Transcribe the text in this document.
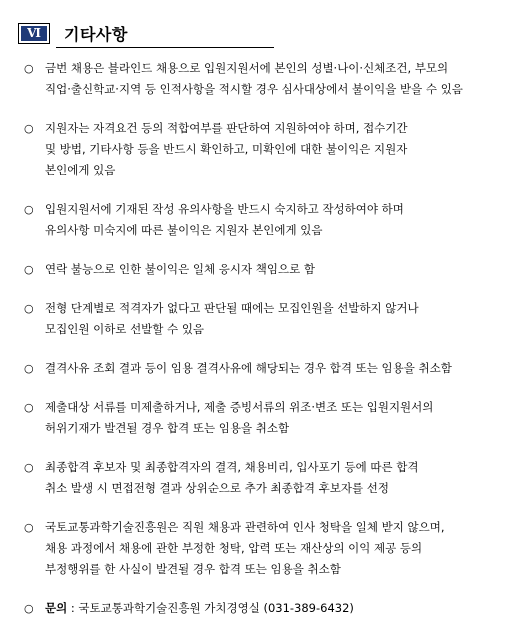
Ⅵ	기타사항
○ 금번 채용은 블라인드 채용으로 입원지원서에 본인의 성별·나이·신체조건, 부모의
직업·출신학교·지역 등 인적사항을 적시할 경우 심사대상에서 불이익을 받을 수 있음
○ 지원자는 자격요건 등의 적합여부를 판단하여 지원하여야 하며, 접수기간
및 방법, 기타사항 등을 반드시 확인하고, 미확인에 대한 불이익은 지원자
본인에게 있음
○ 입원지원서에 기재된 작성 유의사항을 반드시 숙지하고 작성하여야 하며
유의사항 미숙지에 따른 불이익은 지원자 본인에게 있음
○ 연락 불능으로 인한 불이익은 일체 응시자 책임으로 함
○ 전형 단계별로 적격자가 없다고 판단될 때에는 모집인원을 선발하지 않거나
모집인원 이하로 선발할 수 있음
○ 결격사유 조회 결과 등이 임용 결격사유에 해당되는 경우 합격 또는 임용을 취소함
○ 제출대상 서류를 미제출하거나, 제출 증빙서류의 위조·변조 또는 입원지원서의
허위기재가 발견될 경우 합격 또는 임용을 취소함
○ 최종합격 후보자 및 최종합격자의 결격, 채용비리, 입사포기 등에 따른 합격
취소 발생 시 면접전형 결과 상위순으로 추가 최종합격 후보자를 선정
○ 국토교통과학기술진흥원은 직원 채용과 관련하여 인사 청탁을 일체 받지 않으며,
채용 과정에서 채용에 관한 부정한 청탁, 압력 또는 재산상의 이익 제공 등의
부정행위를 한 사실이 발견될 경우 합격 또는 임용을 취소함
○ 문의 : 국토교통과학기술진흥원 가치경영실 (031-389-6432)
